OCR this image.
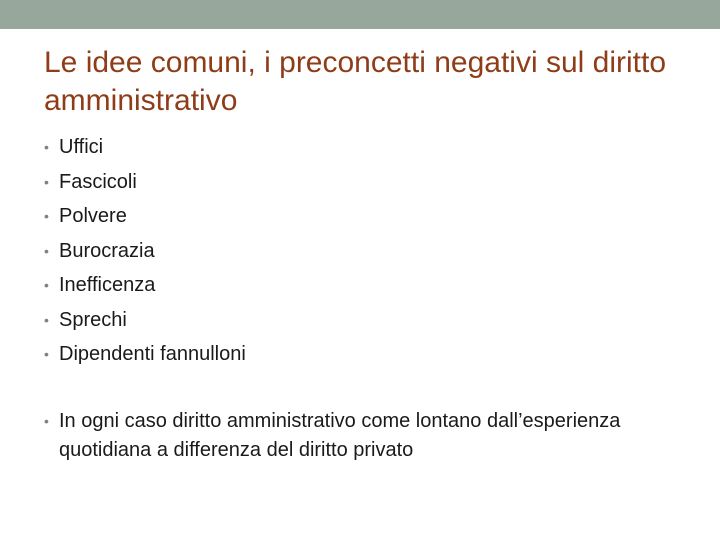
Le idee comuni, i preconcetti negativi sul diritto amministrativo
• Uffici
• Fascicoli
• Polvere
• Burocrazia
• Inefficenza
• Sprechi
• Dipendenti fannulloni
• In ogni caso diritto amministrativo come lontano dall’esperienza quotidiana a differenza del diritto privato
